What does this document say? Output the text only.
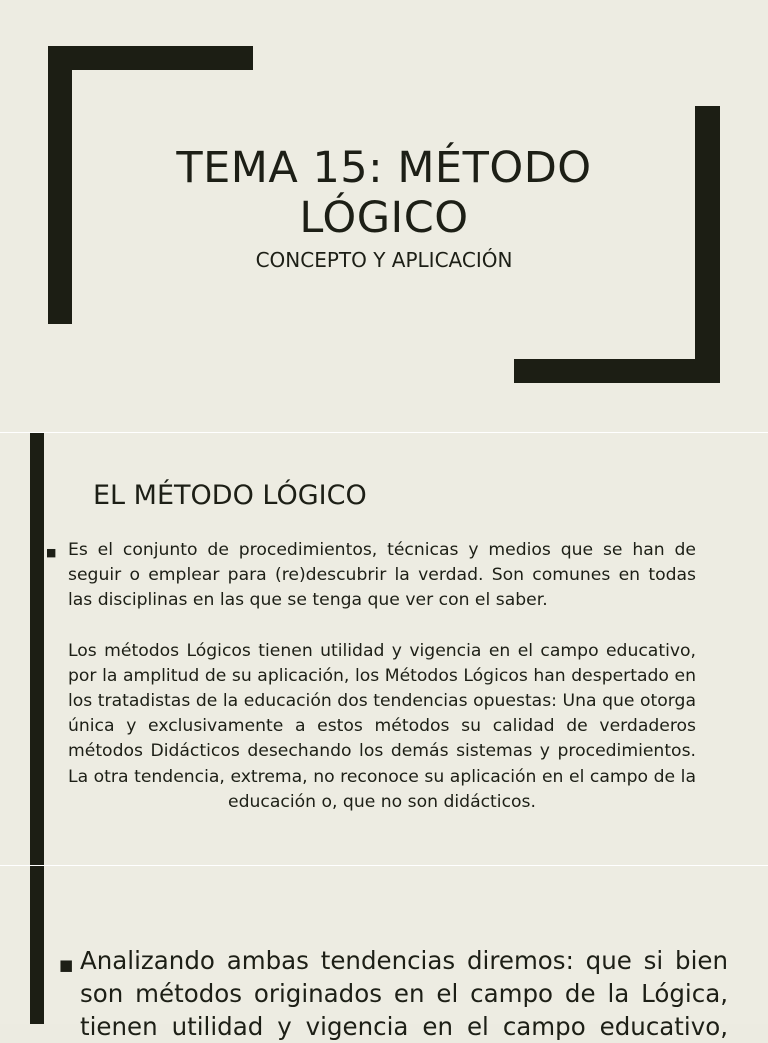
TEMA 15: MÉTODO LÓGICO
CONCEPTO Y APLICACIÓN
EL MÉTODO LÓGICO
■ Es el conjunto de procedimientos, técnicas y medios que se han de seguir o emplear para (re)descubrir la verdad. Son comunes en todas las disciplinas en las que se tenga que ver con el saber.

Los métodos Lógicos tienen utilidad y vigencia en el campo educativo, por la amplitud de su aplicación, los Métodos Lógicos han despertado en los tratadistas de la educación dos tendencias opuestas: Una que otorga única y exclusivamente a estos métodos su calidad de verdaderos métodos Didácticos desechando los demás sistemas y procedimientos. La otra tendencia, extrema, no reconoce su aplicación en el campo de la educación o, que no son didácticos.

■ Analizando ambas tendencias diremos: que si bien son métodos originados en el campo de la Lógica, tienen utilidad y vigencia en el campo educativo,
